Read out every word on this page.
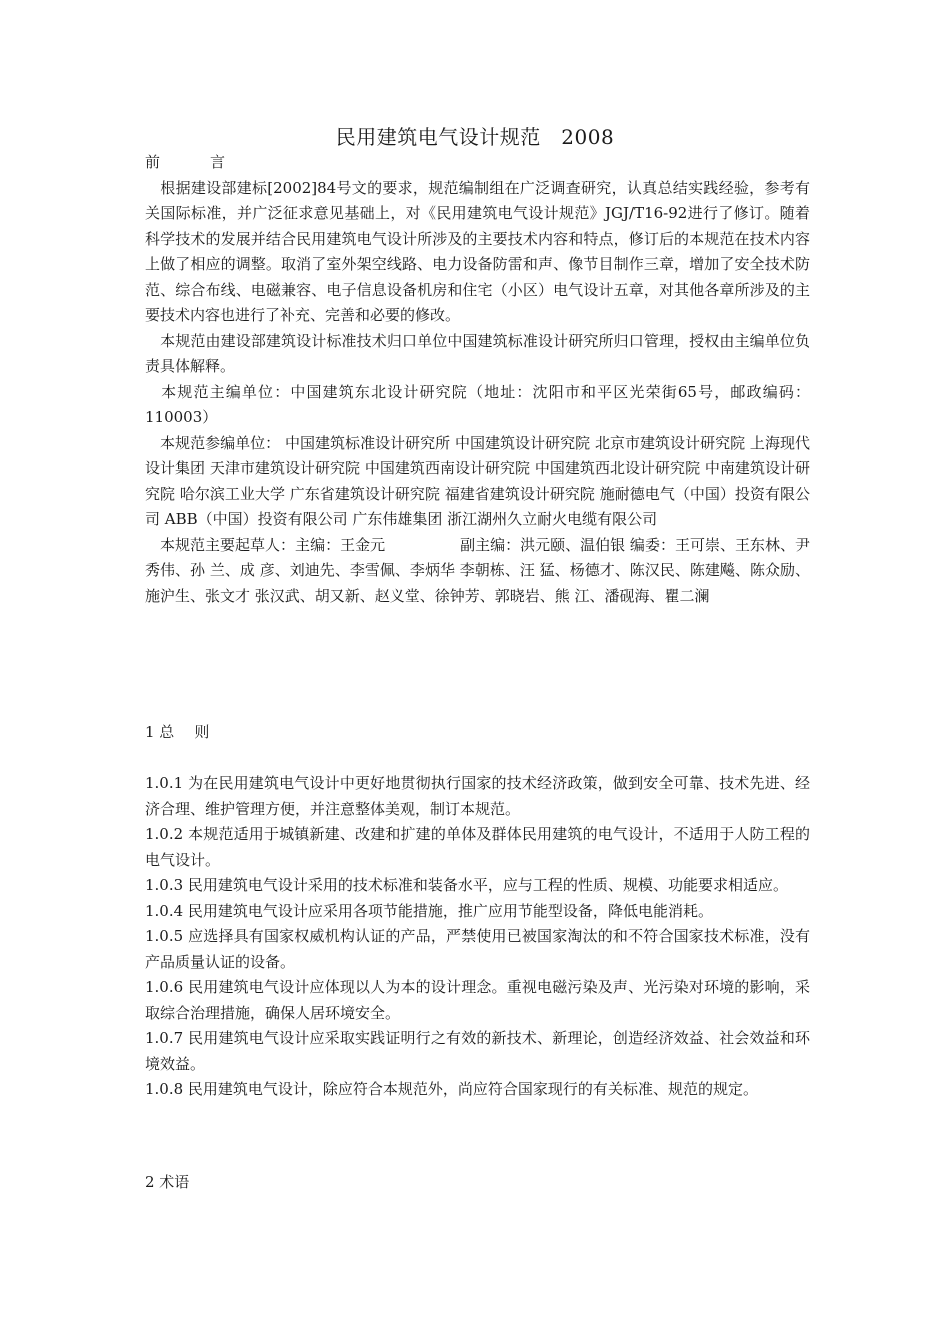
民用建筑电气设计规范　2008

前	言

　根据建设部建标[2002]84号文的要求，规范编制组在广泛调查研究，认真总结实践经验，参考有关国际标准，并广泛征求意见基础上，对《民用建筑电气设计规范》JGJ/T16-92进行了修订。随着科学技术的发展并结合民用建筑电气设计所涉及的主要技术内容和特点，修订后的本规范在技术内容上做了相应的调整。取消了室外架空线路、电力设备防雷和声、像节目制作三章，增加了安全技术防范、综合布线、电磁兼容、电子信息设备机房和住宅（小区）电气设计五章，对其他各章所涉及的主要技术内容也进行了补充、完善和必要的修改。

　本规范由建设部建筑设计标准技术归口单位中国建筑标准设计研究所归口管理，授权由主编单位负责具体解释。

　本规范主编单位：中国建筑东北设计研究院（地址：沈阳市和平区光荣街65号，邮政编码：110003）

　本规范参编单位： 中国建筑标准设计研究所 中国建筑设计研究院 北京市建筑设计研究院 上海现代设计集团 天津市建筑设计研究院 中国建筑西南设计研究院 中国建筑西北设计研究院 中南建筑设计研究院 哈尔滨工业大学 广东省建筑设计研究院 福建省建筑设计研究院 施耐德电气（中国）投资有限公司 ABB（中国）投资有限公司 广东伟雄集团 浙江湖州久立耐火电缆有限公司

　本规范主要起草人：主编：王金元　　　　　副主编：洪元颐、温伯银 编委：王可崇、王东林、尹秀伟、孙 兰、成 彦、刘迪先、李雪佩、李炳华 李朝栋、汪 猛、杨德才、陈汉民、陈建飚、陈众励、施沪生、张文才 张汉武、胡又新、赵义堂、徐钟芳、郭晓岩、熊 江、潘砚海、瞿二澜

1 总 则

1.0.1 为在民用建筑电气设计中更好地贯彻执行国家的技术经济政策，做到安全可靠、技术先进、经济合理、维护管理方便，并注意整体美观，制订本规范。

1.0.2 本规范适用于城镇新建、改建和扩建的单体及群体民用建筑的电气设计，不适用于人防工程的电气设计。

1.0.3 民用建筑电气设计采用的技术标准和装备水平，应与工程的性质、规模、功能要求相适应。

1.0.4 民用建筑电气设计应采用各项节能措施，推广应用节能型设备，降低电能消耗。

1.0.5 应选择具有国家权威机构认证的产品，严禁使用已被国家淘汰的和不符合国家技术标准，没有产品质量认证的设备。

1.0.6 民用建筑电气设计应体现以人为本的设计理念。重视电磁污染及声、光污染对环境的影响，采取综合治理措施，确保人居环境安全。

1.0.7 民用建筑电气设计应采取实践证明行之有效的新技术、新理论，创造经济效益、社会效益和环境效益。

1.0.8 民用建筑电气设计，除应符合本规范外，尚应符合国家现行的有关标准、规范的规定。

2 术语
